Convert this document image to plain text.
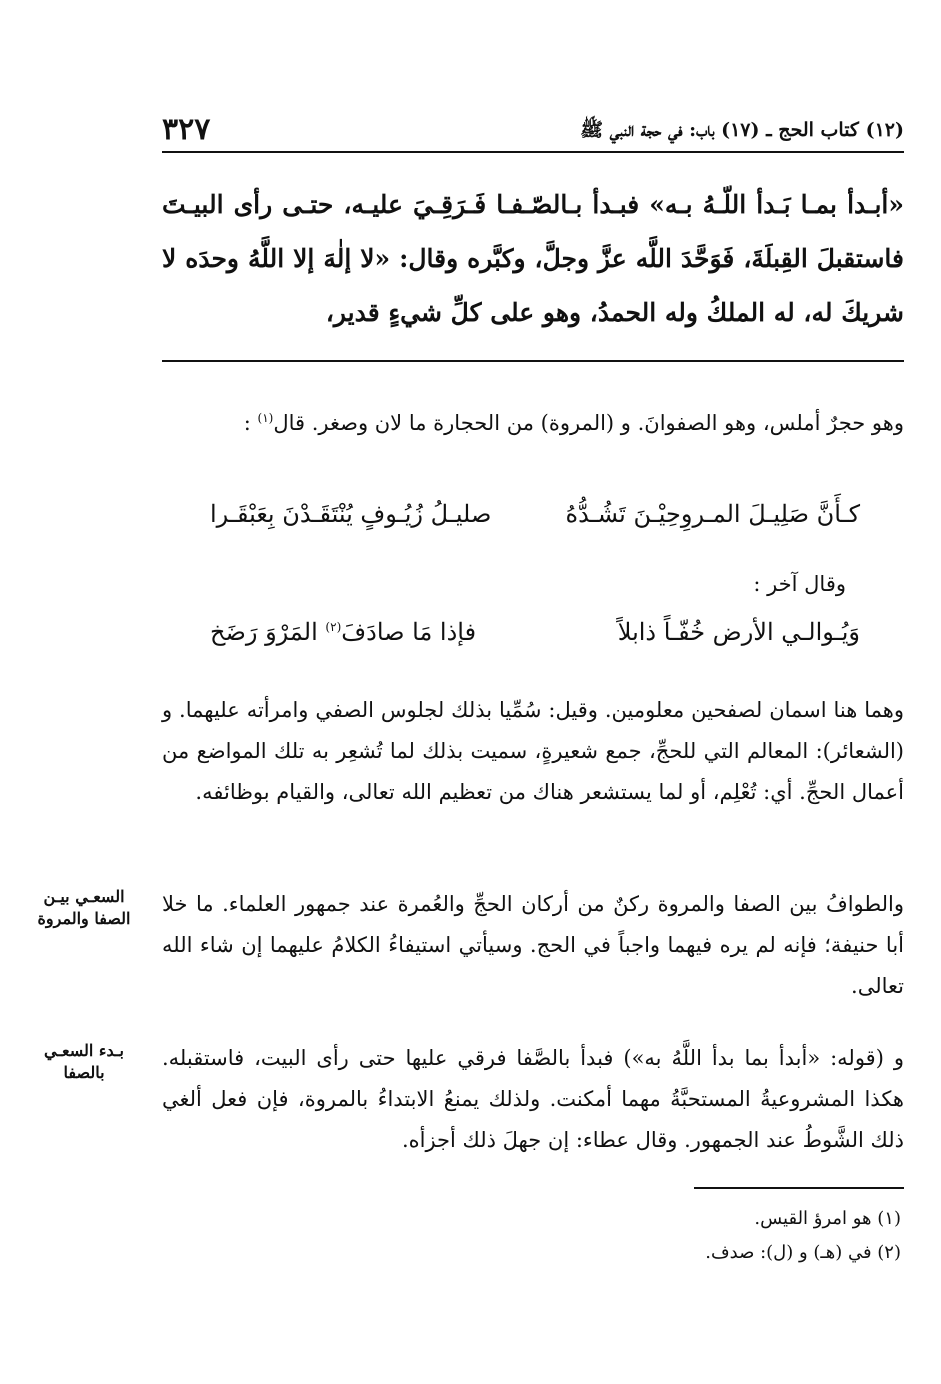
٣٢٧	(١٢) كتاب الحج ـ (١٧) باب: في حجة النبي ﷺ
«أبـدأ بمـا بَـدأ اللّـهُ بـه» فبـدأ بـالصّـفـا فَـرَقِـيَ عليـه، حتـى رأى البيـتَ فاستقبلَ القِبلَةَ، فَوَحَّدَ اللَّه عزَّ وجلَّ، وكبَّره وقال: «لا إلٰهَ إلا اللَّهُ وحدَه لا شريكَ له، له الملكُ وله الحمدُ، وهو على كلِّ شيءٍ قدير،
وهو حجرٌ أملس، وهو الصفوانَ. و (المروة) من الحجارة ما لان وصغر. قال$^{(١)}$ :
كـأَنَّ صَلِيـلَ المـروِحِيْـنَ تَشُـدُّهُ
صليـلُ زُيُـوفٍ يُنْتَقَـدْنَ بِعَبْقَـرا
وقال آخر :
وَيُـوالـي الأرض خُفّـاً ذابلاً
فإذا مَا صادَفَ$^{(٢)}$ المَرْوَ رَضَخ
وهما هنا اسمان لصفحين معلومين. وقيل: سُمِّيا بذلك لجلوس الصفي وامرأته عليهما. و (الشعائر): المعالم التي للحجِّ، جمع شعيرةٍ، سميت بذلك لما تُشعِر به تلك المواضع من أعمال الحجِّ. أي: تُعْلِم، أو لما يستشعر هناك من تعظيم الله تعالى، والقيام بوظائفه.
والطوافُ بين الصفا والمروة ركنٌ من أركان الحجِّ والعُمرة عند جمهور العلماء. ما خلا أبا حنيفة؛ فإنه لم يره فيهما واجباً في الحج. وسيأتي استيفاءُ الكلامُ عليهما إن شاء الله تعالى.
السعـي بيـن
الصفا والمروة
و (قوله: «أبدأ بما بدأ اللَّهُ به») فبدأ بالصَّفا فرقي عليها حتى رأى البيت، فاستقبله. هكذا المشروعيةُ المستحبَّةُ مهما أمكنت. ولذلك يمنعُ الابتداءُ بالمروة، فإن فعل ألغي ذلك الشَّوطُ عند الجمهور. وقال عطاء: إن جهلَ ذلك أجزأه.
بـدء السعـي
بالصفا
(١) هو امرؤ القيس.
(٢) في (هـ) و (ل): صدف.
